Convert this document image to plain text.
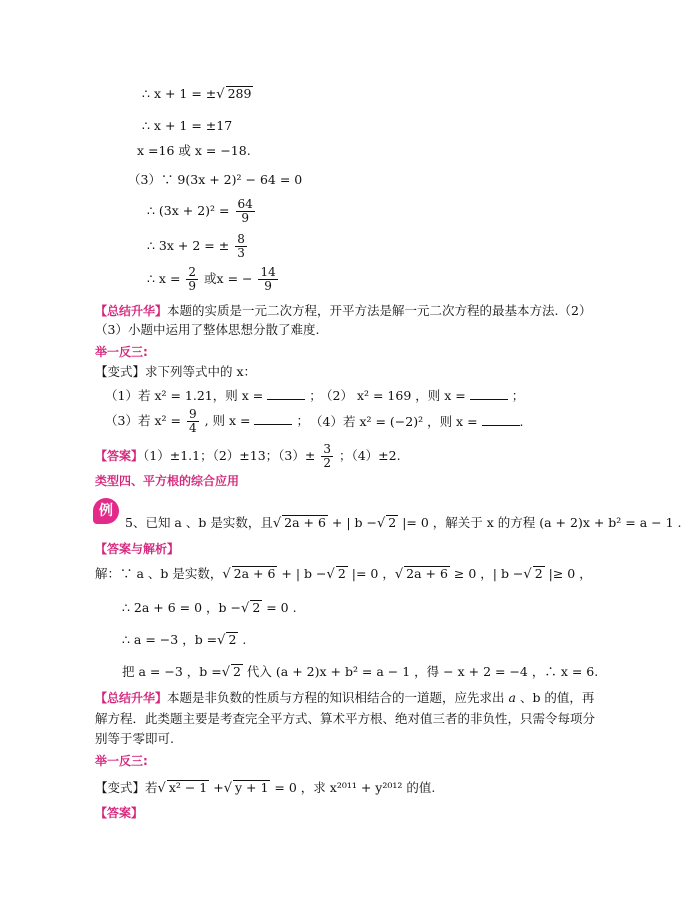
∴ x + 1 = ±√ 289
∴ x + 1 = ±17
x =16 或 x = −18.
（3）∵ 9(3x + 2)² − 64 = 0
∴ $(3x + 2)^2 = \frac{64}{9}$
∴ 3x + 2 = ± $\frac{8}{3}$
∴ $x = \frac{2}{9}$ 或x = − $\frac{14}{9}$
【总结升华】本题的实质是一元二次方程，开平方法是解一元二次方程的最基本方法.（2）
（3）小题中运用了整体思想分散了难度.
举一反三:
【变式】求下列等式中的 x：
（1）若 x² = 1.21，则 x =	；
（2） x² = 169 ，则 x =	；
（3）若 $x^2 = \frac{9}{4}$ , 则 x =	； （4）若 x² = (−2)² ，则 x =	.
【答案】（1）±1.1；（2）±13；$(3)\pm \frac{3}{2}$ ；（4）±2.
类型四、平方根的综合应用
例
5、已知 a 、b 是实数，且√ 2a + 6 + | b −√ 2 |= 0 ，解关于 x 的方程 (a + 2)x + b² = a − 1 .
【答案与解析】
解：∵ a 、b 是实数，√ 2a + 6 + | b −√ 2 |= 0 ，√ 2a + 6 ≥ 0 ，| b −√ 2 |≥ 0 ，
∴ 2a + 6 = 0 ，b −√ 2 = 0 .
∴ a = −3 ，b =√ 2 .
把 a = −3 ，b =√ 2 代入 (a + 2)x + b² = a − 1 ，得 − x + 2 = −4 ，∴ x = 6.
【总结升华】本题是非负数的性质与方程的知识相结合的一道题，应先求出 a 、b 的值，再
解方程．此类题主要是考查完全平方式、算术平方根、绝对值三者的非负性，只需令每项分
别等于零即可.
举一反三:
【变式】若√ x² − 1 +√ y + 1 = 0 ，求 x²⁰¹¹ + y²⁰¹² 的值.
【答案】
